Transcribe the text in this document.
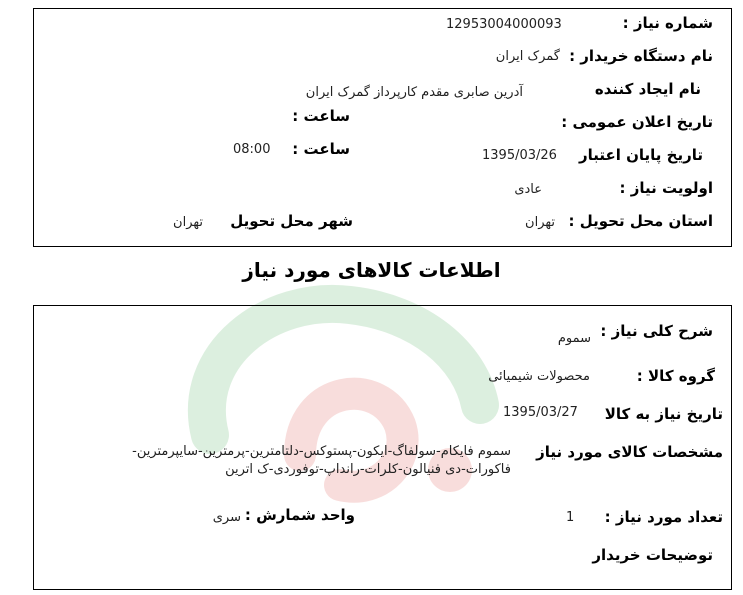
شماره نیاز :
12953004000093
نام دستگاه خریدار :
گمرک ایران
نام ایجاد کننده
آدرین صابری مقدم کارپرداز گمرک ایران
تاریخ اعلان عمومی :
ساعت :
تاریخ پایان اعتبار
1395/03/26
ساعت :
08:00
اولویت نیاز :
عادی
استان محل تحویل :
تهران
شهر محل تحویل
تهران
اطلاعات کالاهای مورد نیاز
شرح کلی نیاز :
سموم
گروه کالا :
محصولات شیمیائی
تاریخ نیاز به کالا
1395/03/27
مشخصات کالای مورد نیاز
سموم فایکام-سولفاگ-ایکون-پستوکس-دلتامترین-پرمترین-سایپرمترین-
فاکورات-دی فنیالون-کلرات-رانداپ-توفوردی-ک اترین
تعداد مورد نیاز :
1
واحد شمارش :
سری
توضیحات خریدار
